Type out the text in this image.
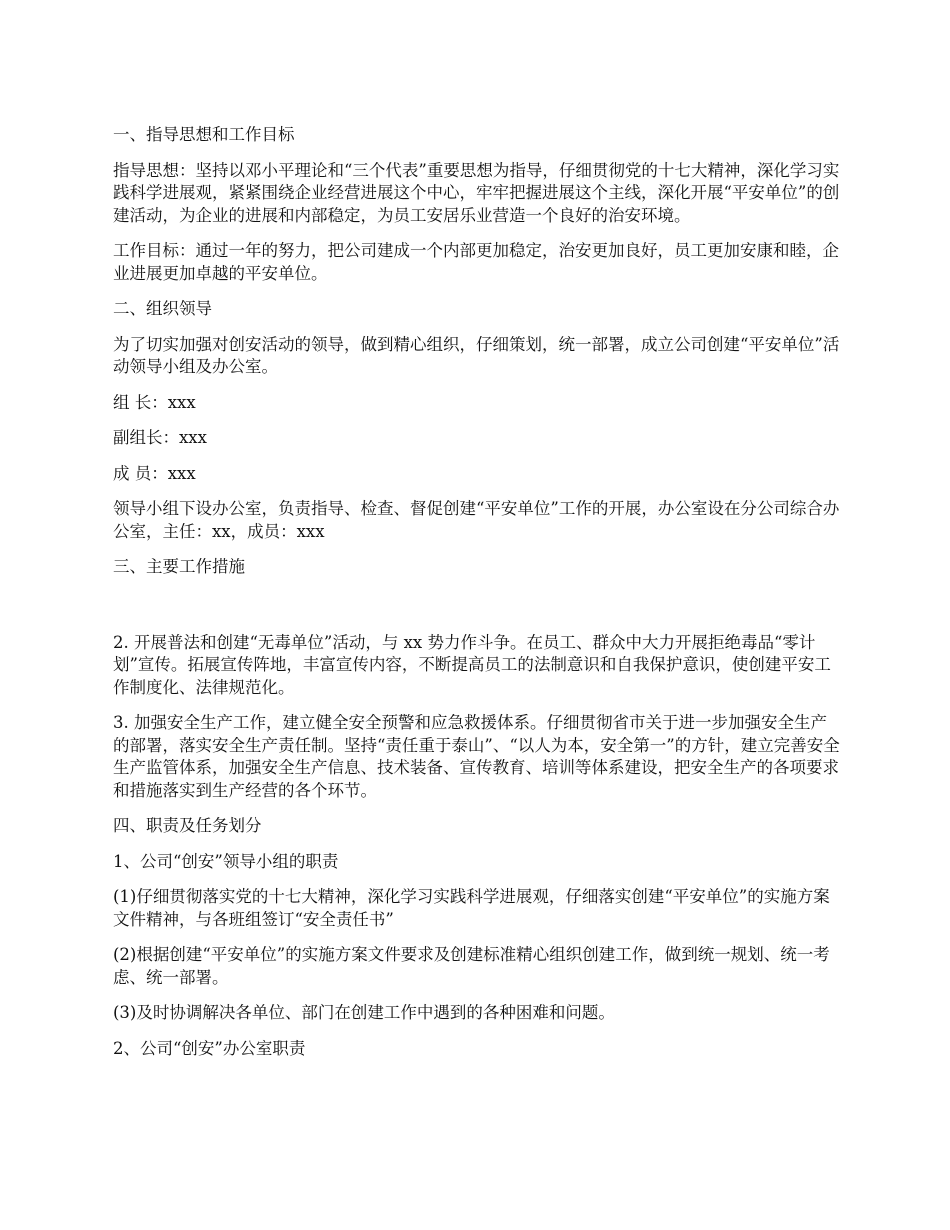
一、指导思想和工作目标

指导思想：坚持以邓小平理论和“三个代表”重要思想为指导，仔细贯彻党的十七大精神，深化学习实践科学进展观，紧紧围绕企业经营进展这个中心，牢牢把握进展这个主线，深化开展“平安单位”的创建活动，为企业的进展和内部稳定，为员工安居乐业营造一个良好的治安环境。

工作目标：通过一年的努力，把公司建成一个内部更加稳定，治安更加良好，员工更加安康和睦，企业进展更加卓越的平安单位。

二、组织领导

为了切实加强对创安活动的领导，做到精心组织，仔细策划，统一部署，成立公司创建“平安单位”活动领导小组及办公室。

组 长：xxx

副组长：xxx

成 员：xxx

领导小组下设办公室，负责指导、检查、督促创建“平安单位”工作的开展，办公室设在分公司综合办公室，主任：xx，成员：xxx

三、主要工作措施

2. 开展普法和创建“无毒单位”活动，与 xx 势力作斗争。在员工、群众中大力开展拒绝毒品“零计划”宣传。拓展宣传阵地，丰富宣传内容，不断提高员工的法制意识和自我保护意识，使创建平安工作制度化、法律规范化。

3. 加强安全生产工作，建立健全安全预警和应急救援体系。仔细贯彻省市关于进一步加强安全生产的部署，落实安全生产责任制。坚持“责任重于泰山”、“以人为本，安全第一”的方针，建立完善安全生产监管体系，加强安全生产信息、技术装备、宣传教育、培训等体系建设，把安全生产的各项要求和措施落实到生产经营的各个环节。

四、职责及任务划分

1、公司“创安”领导小组的职责

(1)仔细贯彻落实党的十七大精神，深化学习实践科学进展观，仔细落实创建“平安单位”的实施方案文件精神，与各班组签订“安全责任书”

(2)根据创建“平安单位”的实施方案文件要求及创建标准精心组织创建工作，做到统一规划、统一考虑、统一部署。

(3)及时协调解决各单位、部门在创建工作中遇到的各种困难和问题。

2、公司“创安”办公室职责
